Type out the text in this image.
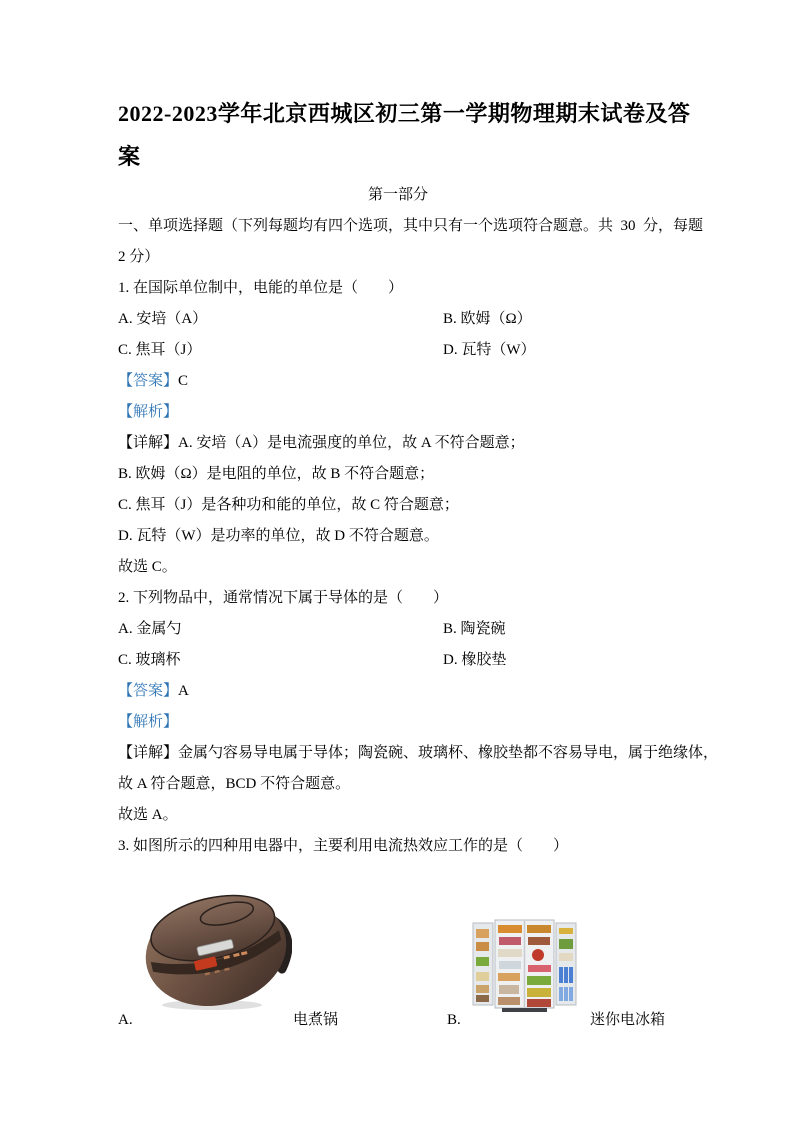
2022-2023学年北京西城区初三第一学期物理期末试卷及答
案
第一部分

一、单项选择题（下列每题均有四个选项，其中只有一个选项符合题意。共  30  分，每题

2 分）

1. 在国际单位制中，电能的单位是（　　）

A. 安培（A）	B. 欧姆（Ω）
C. 焦耳（J）	D. 瓦特（W）

【答案】C

【解析】

【详解】A. 安培（A）是电流强度的单位，故 A 不符合题意；

B. 欧姆（Ω）是电阻的单位，故 B 不符合题意；

C. 焦耳（J）是各种功和能的单位，故 C 符合题意；

D. 瓦特（W）是功率的单位，故 D 不符合题意。

故选 C。

2. 下列物品中，通常情况下属于导体的是（　　）

A. 金属勺	B. 陶瓷碗
C. 玻璃杯	D. 橡胶垫

【答案】A

【解析】

【详解】金属勺容易导电属于导体；陶瓷碗、玻璃杯、橡胶垫都不容易导电，属于绝缘体，

故 A 符合题意，BCD 不符合题意。

故选 A。

3. 如图所示的四种用电器中，主要利用电流热效应工作的是（　　）

A.	电煮锅	B.	迷你电冰箱
